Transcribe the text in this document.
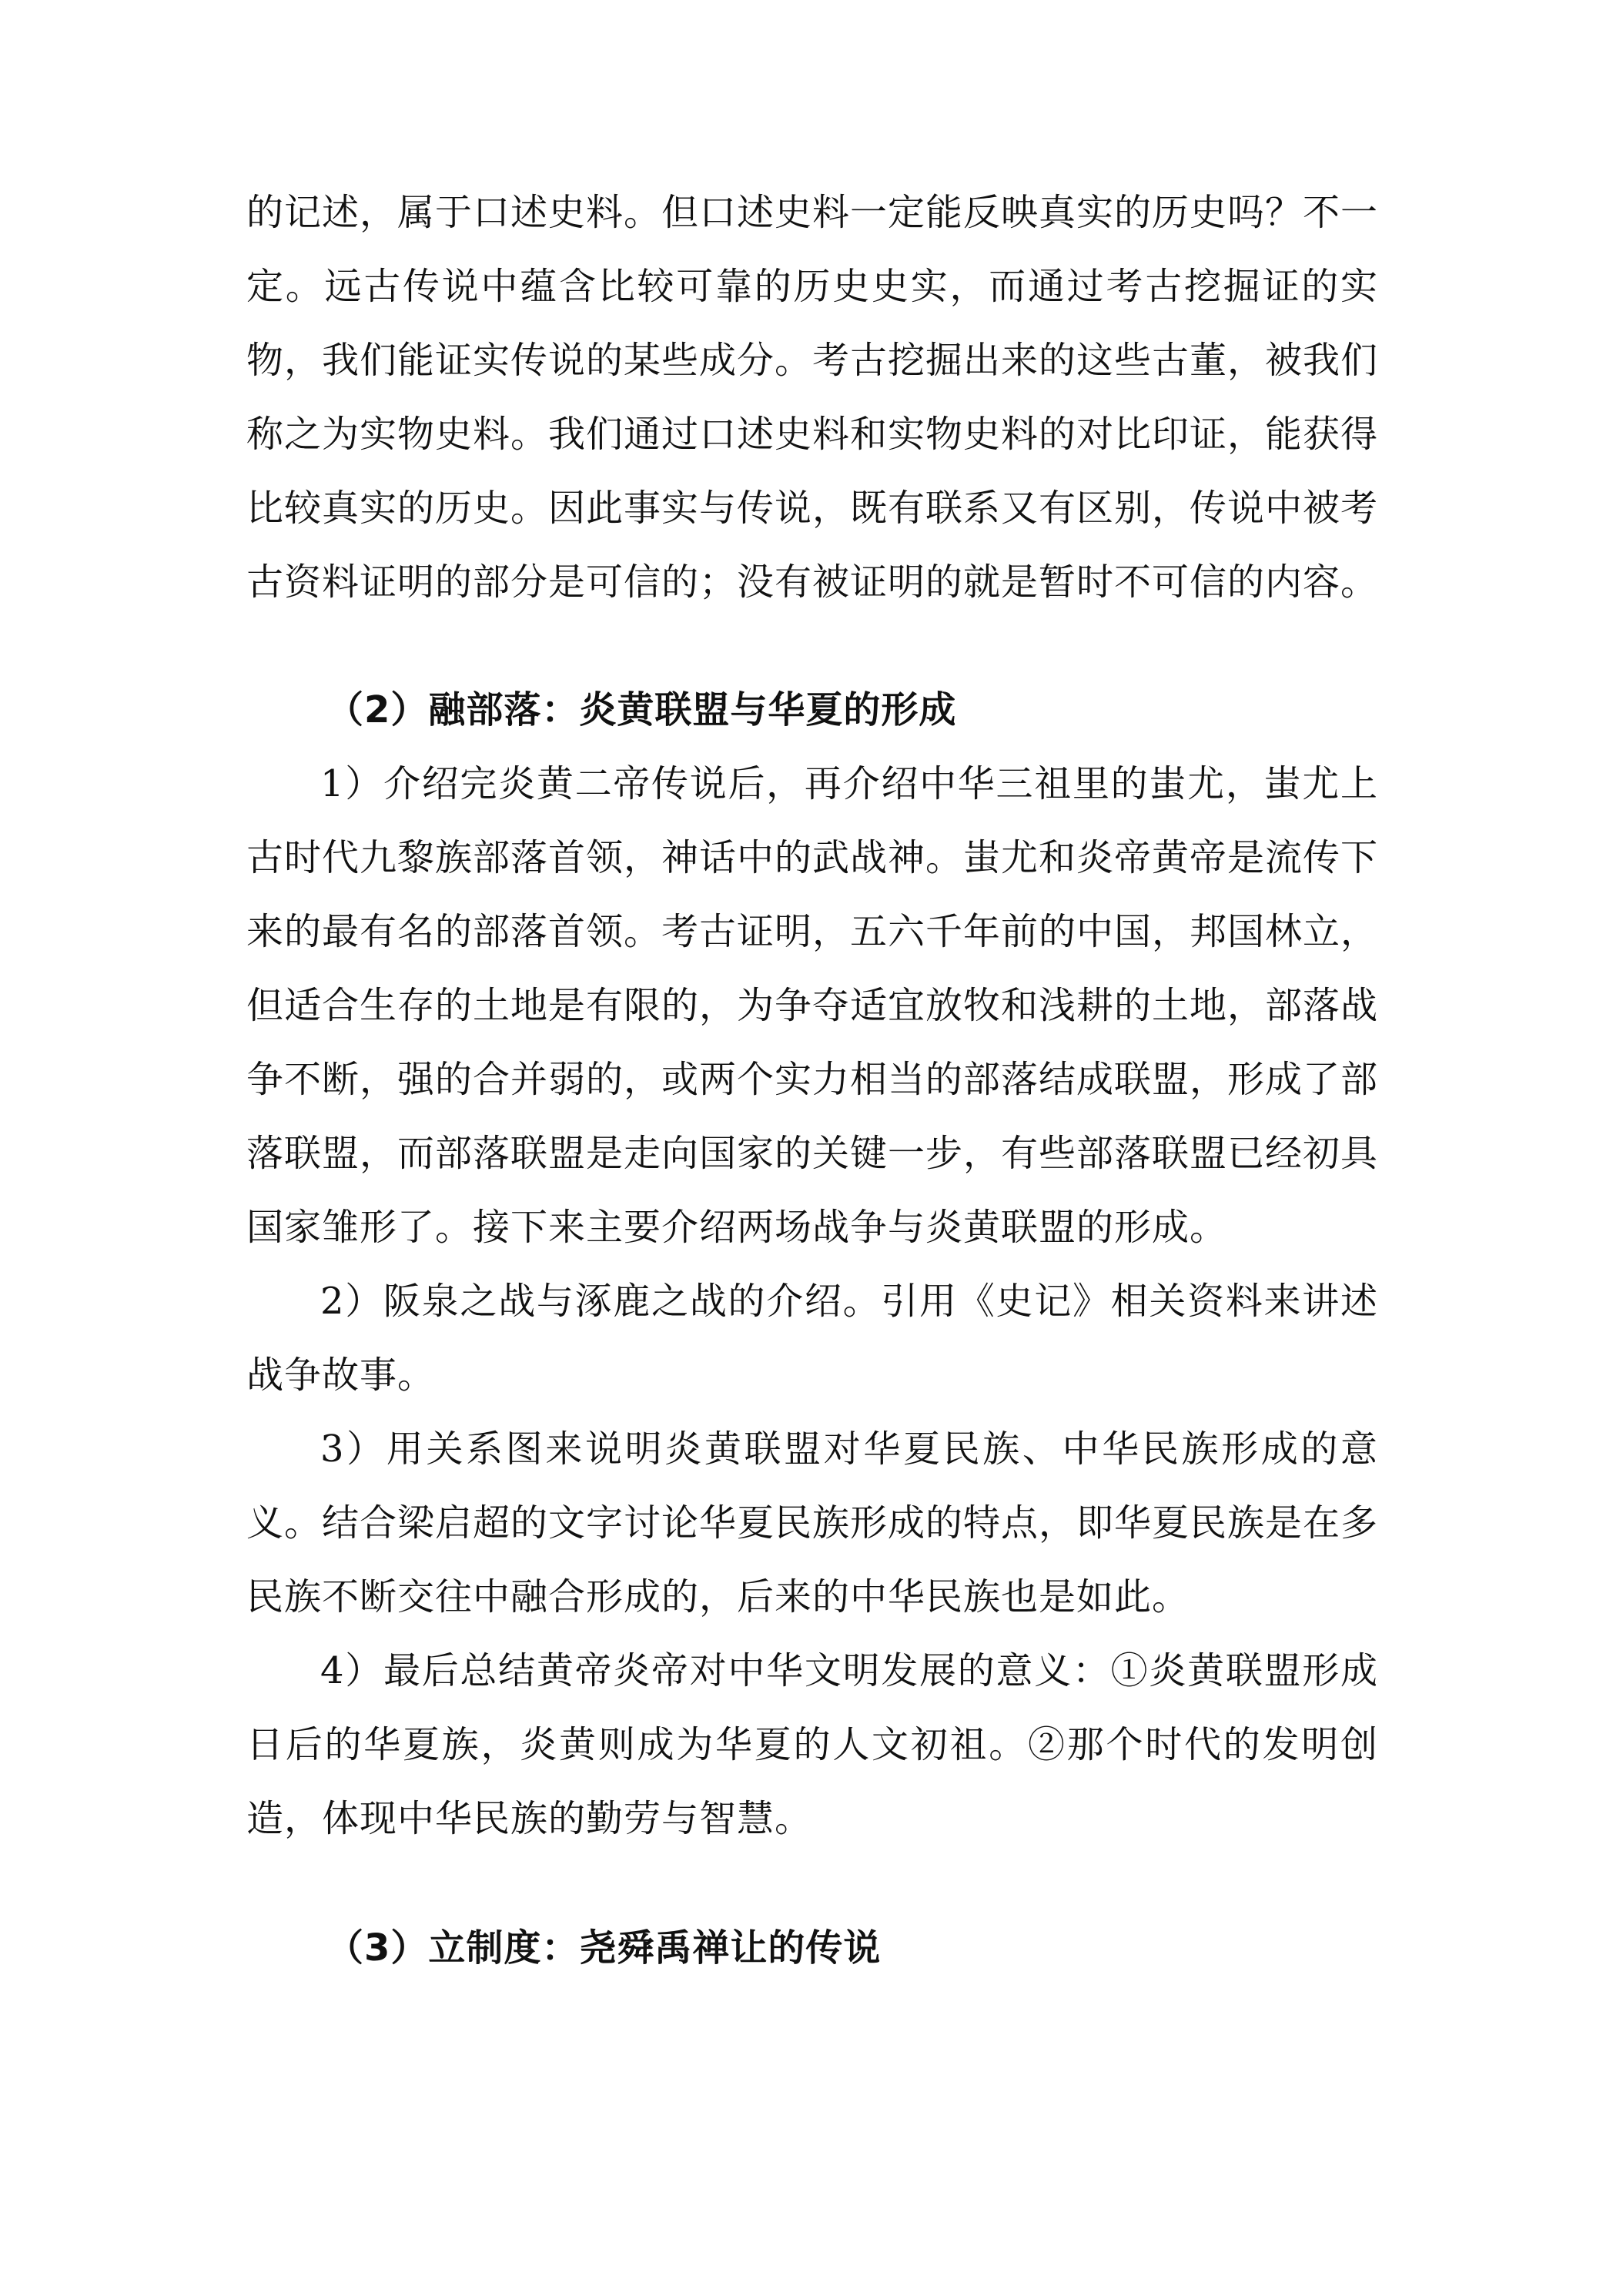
的记述，属于口述史料。但口述史料一定能反映真实的历史吗？不一定。远古传说中蕴含比较可靠的历史史实，而通过考古挖掘证的实物，我们能证实传说的某些成分。考古挖掘出来的这些古董，被我们称之为实物史料。我们通过口述史料和实物史料的对比印证，能获得比较真实的历史。因此事实与传说，既有联系又有区别，传说中被考古资料证明的部分是可信的；没有被证明的就是暂时不可信的内容。

（2）融部落：炎黄联盟与华夏的形成

1）介绍完炎黄二帝传说后，再介绍中华三祖里的蚩尤，蚩尤上古时代九黎族部落首领，神话中的武战神。蚩尤和炎帝黄帝是流传下来的最有名的部落首领。考古证明，五六千年前的中国，邦国林立，但适合生存的土地是有限的，为争夺适宜放牧和浅耕的土地，部落战争不断，强的合并弱的，或两个实力相当的部落结成联盟，形成了部落联盟，而部落联盟是走向国家的关键一步，有些部落联盟已经初具国家雏形了。接下来主要介绍两场战争与炎黄联盟的形成。

2）阪泉之战与涿鹿之战的介绍。引用《史记》相关资料来讲述战争故事。

3）用关系图来说明炎黄联盟对华夏民族、中华民族形成的意义。结合梁启超的文字讨论华夏民族形成的特点，即华夏民族是在多民族不断交往中融合形成的，后来的中华民族也是如此。

4）最后总结黄帝炎帝对中华文明发展的意义：①炎黄联盟形成日后的华夏族，炎黄则成为华夏的人文初祖。②那个时代的发明创造，体现中华民族的勤劳与智慧。

（3）立制度：尧舜禹禅让的传说
